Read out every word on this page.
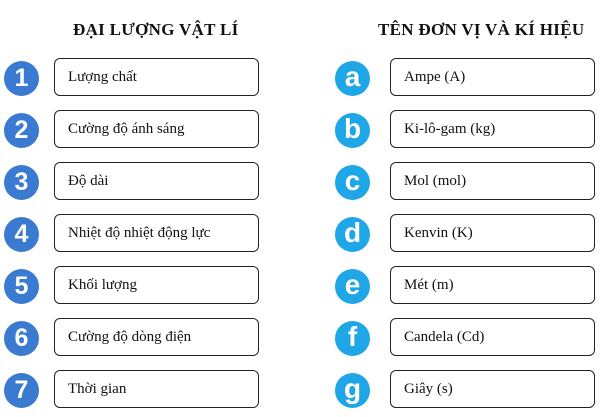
ĐẠI LƯỢNG VẬT LÍ	TÊN ĐƠN VỊ VÀ KÍ HIỆU
1	Lượng chất
2	Cường độ ánh sáng
3	Độ dài
4	Nhiệt độ nhiệt động lực
5	Khối lượng
6	Cường độ dòng điện
7	Thời gian
a	Ampe (A)
b	Ki-lô-gam (kg)
c	Mol (mol)
d	Kenvin (K)
e	Mét (m)
f	Candela (Cd)
g	Giây (s)
